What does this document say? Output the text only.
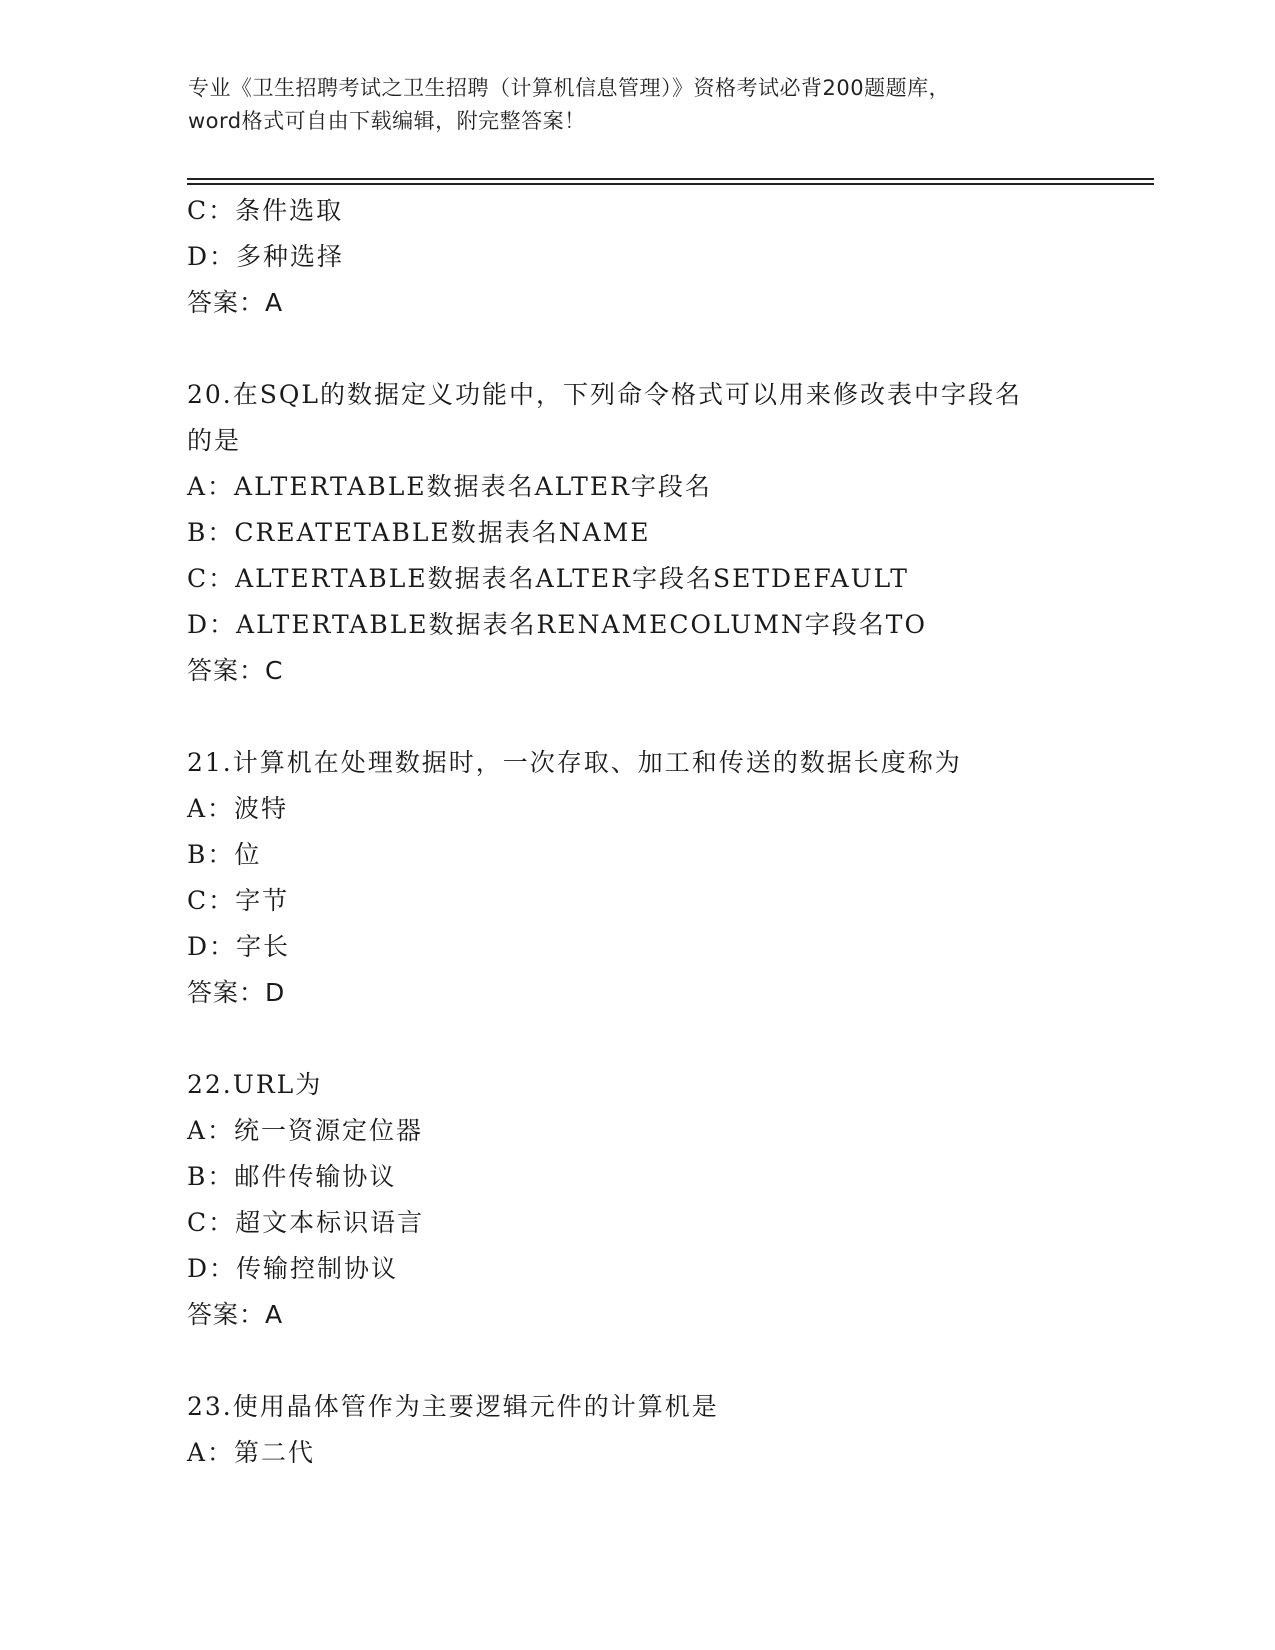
专业《卫生招聘考试之卫生招聘（计算机信息管理）》资格考试必背200题题库，
word格式可自由下载编辑，附完整答案！
C：条件选取
D：多种选择
答案：A
20.在SQL的数据定义功能中，下列命令格式可以用来修改表中字段名
的是
A：ALTERTABLE数据表名ALTER字段名
B：CREATETABLE数据表名NAME
C：ALTERTABLE数据表名ALTER字段名SETDEFAULT
D：ALTERTABLE数据表名RENAMECOLUMN字段名TO
答案：C
21.计算机在处理数据时，一次存取、加工和传送的数据长度称为
A：波特
B：位
C：字节
D：字长
答案：D
22.URL为
A：统一资源定位器
B：邮件传输协议
C：超文本标识语言
D：传输控制协议
答案：A
23.使用晶体管作为主要逻辑元件的计算机是
A：第二代
